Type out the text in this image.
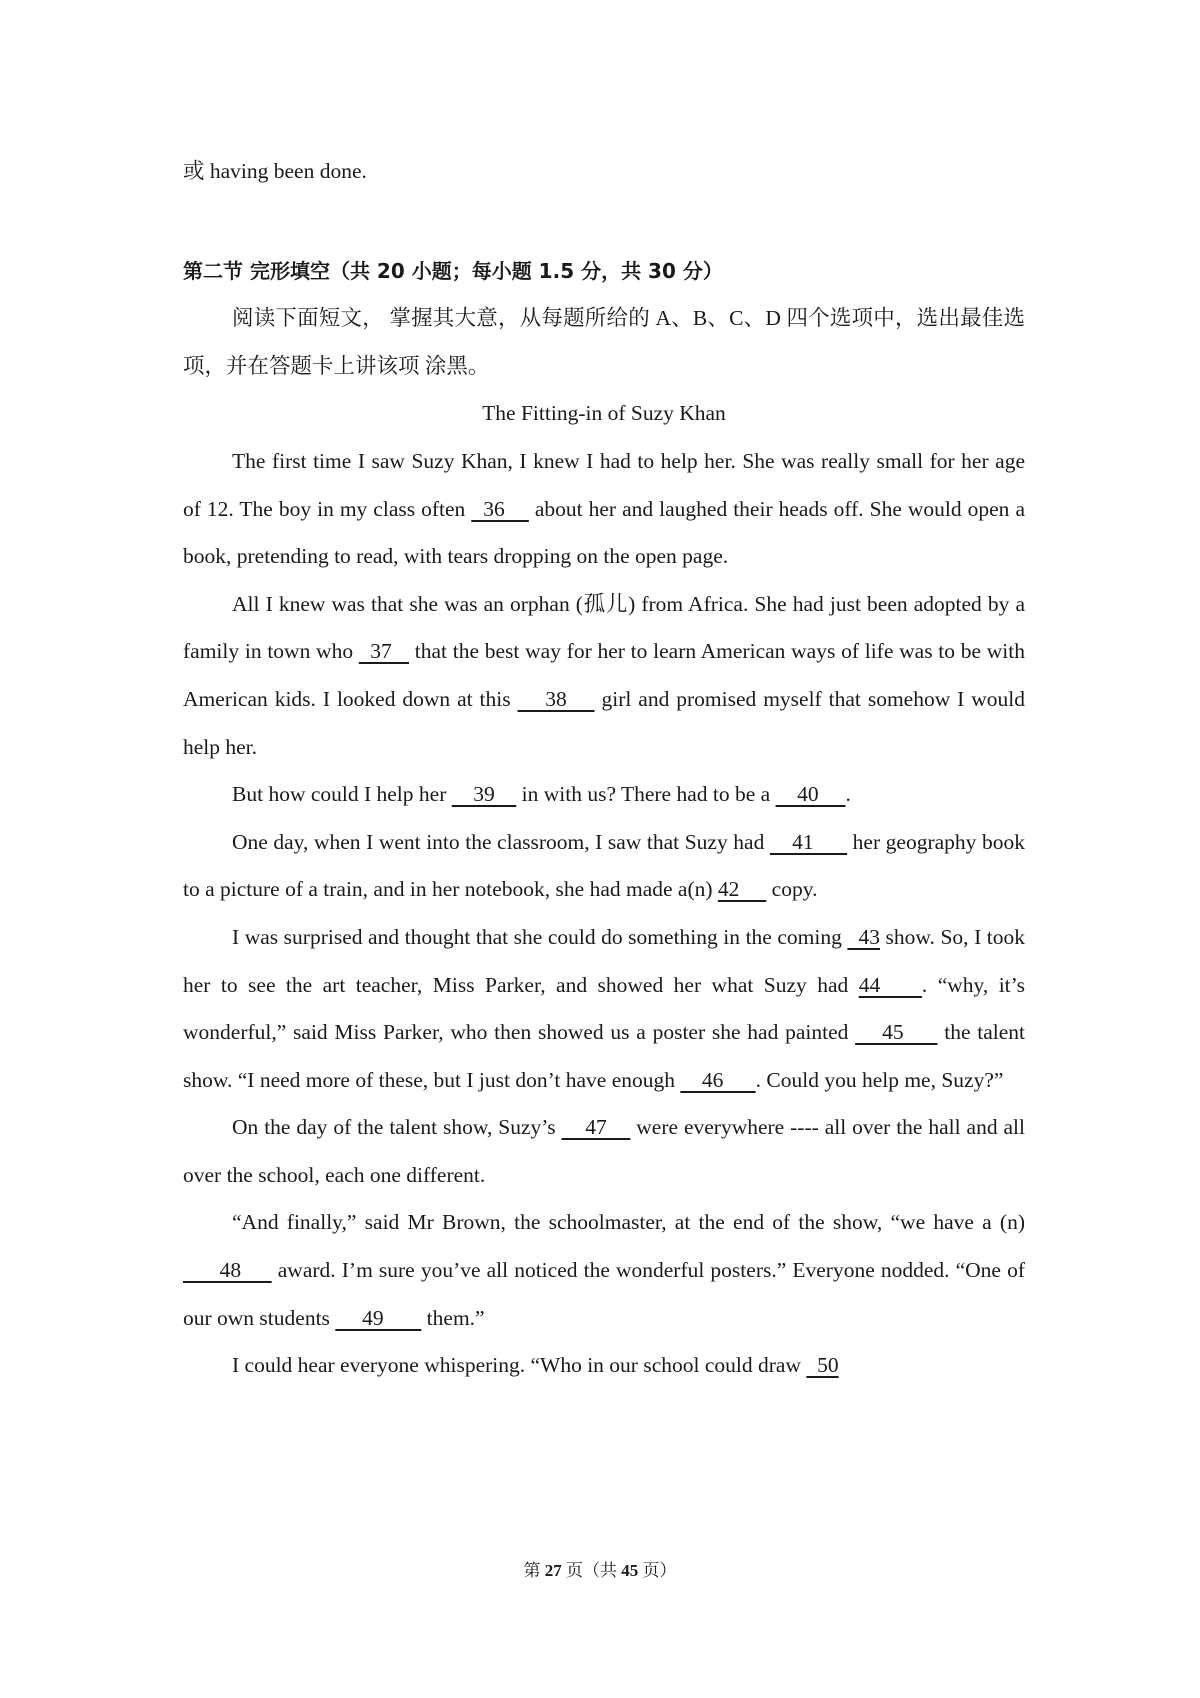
或 having been done.

第二节 完形填空（共 20 小题；每小题 1.5 分，共 30 分）

阅读下面短文， 掌握其大意，从每题所给的 A、B、C、D 四个选项中，选出最佳选项，并在答题卡上讲该项 涂黑。

The Fitting-in of Suzy Khan

The first time I saw Suzy Khan, I knew I had to help her. She was really small for her age of 12. The boy in my class often   36     about her and laughed their heads off. She would open a book, pretending to read, with tears dropping on the open page.

All I knew was that she was an orphan (孤儿) from Africa. She had just been adopted by a family in town who   37    that the best way for her to learn American ways of life was to be with American kids. I looked down at this     38     girl and promised myself that somehow I would help her.

But how could I help her     39     in with us? There had to be a     40     .

One day, when I went into the classroom, I saw that Suzy had     41       her geography book to a picture of a train, and in her notebook, she had made a(n) 42      copy.

I was surprised and thought that she could do something in the coming   43 show. So, I took her to see the art teacher, Miss Parker, and showed her what Suzy had 44    . “why, it’s wonderful,” said Miss Parker, who then showed us a poster she had painted     45      the talent show. “I need more of these, but I just don’t have enough     46      . Could you help me, Suzy?”

On the day of the talent show, Suzy’s     47     were everywhere ---- all over the hall and all over the school, each one different.

“And finally,” said Mr Brown, the schoolmaster, at the end of the show, “we have a (n)      48      award. I’m sure you’ve all noticed the wonderful posters.” Everyone nodded. “One of our own students      49        them.”

I could hear everyone whispering. “Who in our school could draw   50

第 27 页（共 45 页）
